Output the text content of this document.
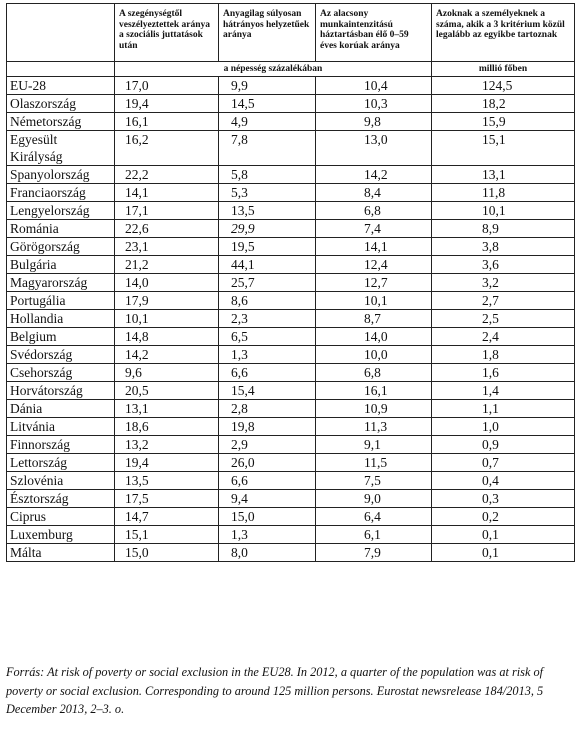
	A szegénységtől veszélyeztettek aránya a szociális juttatások után	Anyagilag súlyosan hátrányos helyzetűek aránya	Az alacsony munkaintenzitású háztartásban élő 0–59 éves korúak aránya	Azoknak a személyeknek a száma, akik a 3 kritérium közül legalább az egyikbe tartoznak
	a népesség százalékában			millió főben
EU-28	17,0	9,9	10,4	124,5
Olaszország	19,4	14,5	10,3	18,2
Németország	16,1	4,9	9,8	15,9
Egyesült Királyság	16,2	7,8	13,0	15,1
Spanyolország	22,2	5,8	14,2	13,1
Franciaország	14,1	5,3	8,4	11,8
Lengyelország	17,1	13,5	6,8	10,1
Románia	22,6	29,9	7,4	8,9
Görögország	23,1	19,5	14,1	3,8
Bulgária	21,2	44,1	12,4	3,6
Magyarország	14,0	25,7	12,7	3,2
Portugália	17,9	8,6	10,1	2,7
Hollandia	10,1	2,3	8,7	2,5
Belgium	14,8	6,5	14,0	2,4
Svédország	14,2	1,3	10,0	1,8
Csehország	9,6	6,6	6,8	1,6
Horvátország	20,5	15,4	16,1	1,4
Dánia	13,1	2,8	10,9	1,1
Litvánia	18,6	19,8	11,3	1,0
Finnország	13,2	2,9	9,1	0,9
Lettország	19,4	26,0	11,5	0,7
Szlovénia	13,5	6,6	7,5	0,4
Észtország	17,5	9,4	9,0	0,3
Ciprus	14,7	15,0	6,4	0,2
Luxemburg	15,1	1,3	6,1	0,1
Málta	15,0	8,0	7,9	0,1
Forrás: At risk of poverty or social exclusion in the EU28. In 2012, a quarter of the population was at risk of poverty or social exclusion. Corresponding to around 125 million persons. Eurostat newsrelease 184/2013, 5 December 2013, 2–3. o.
